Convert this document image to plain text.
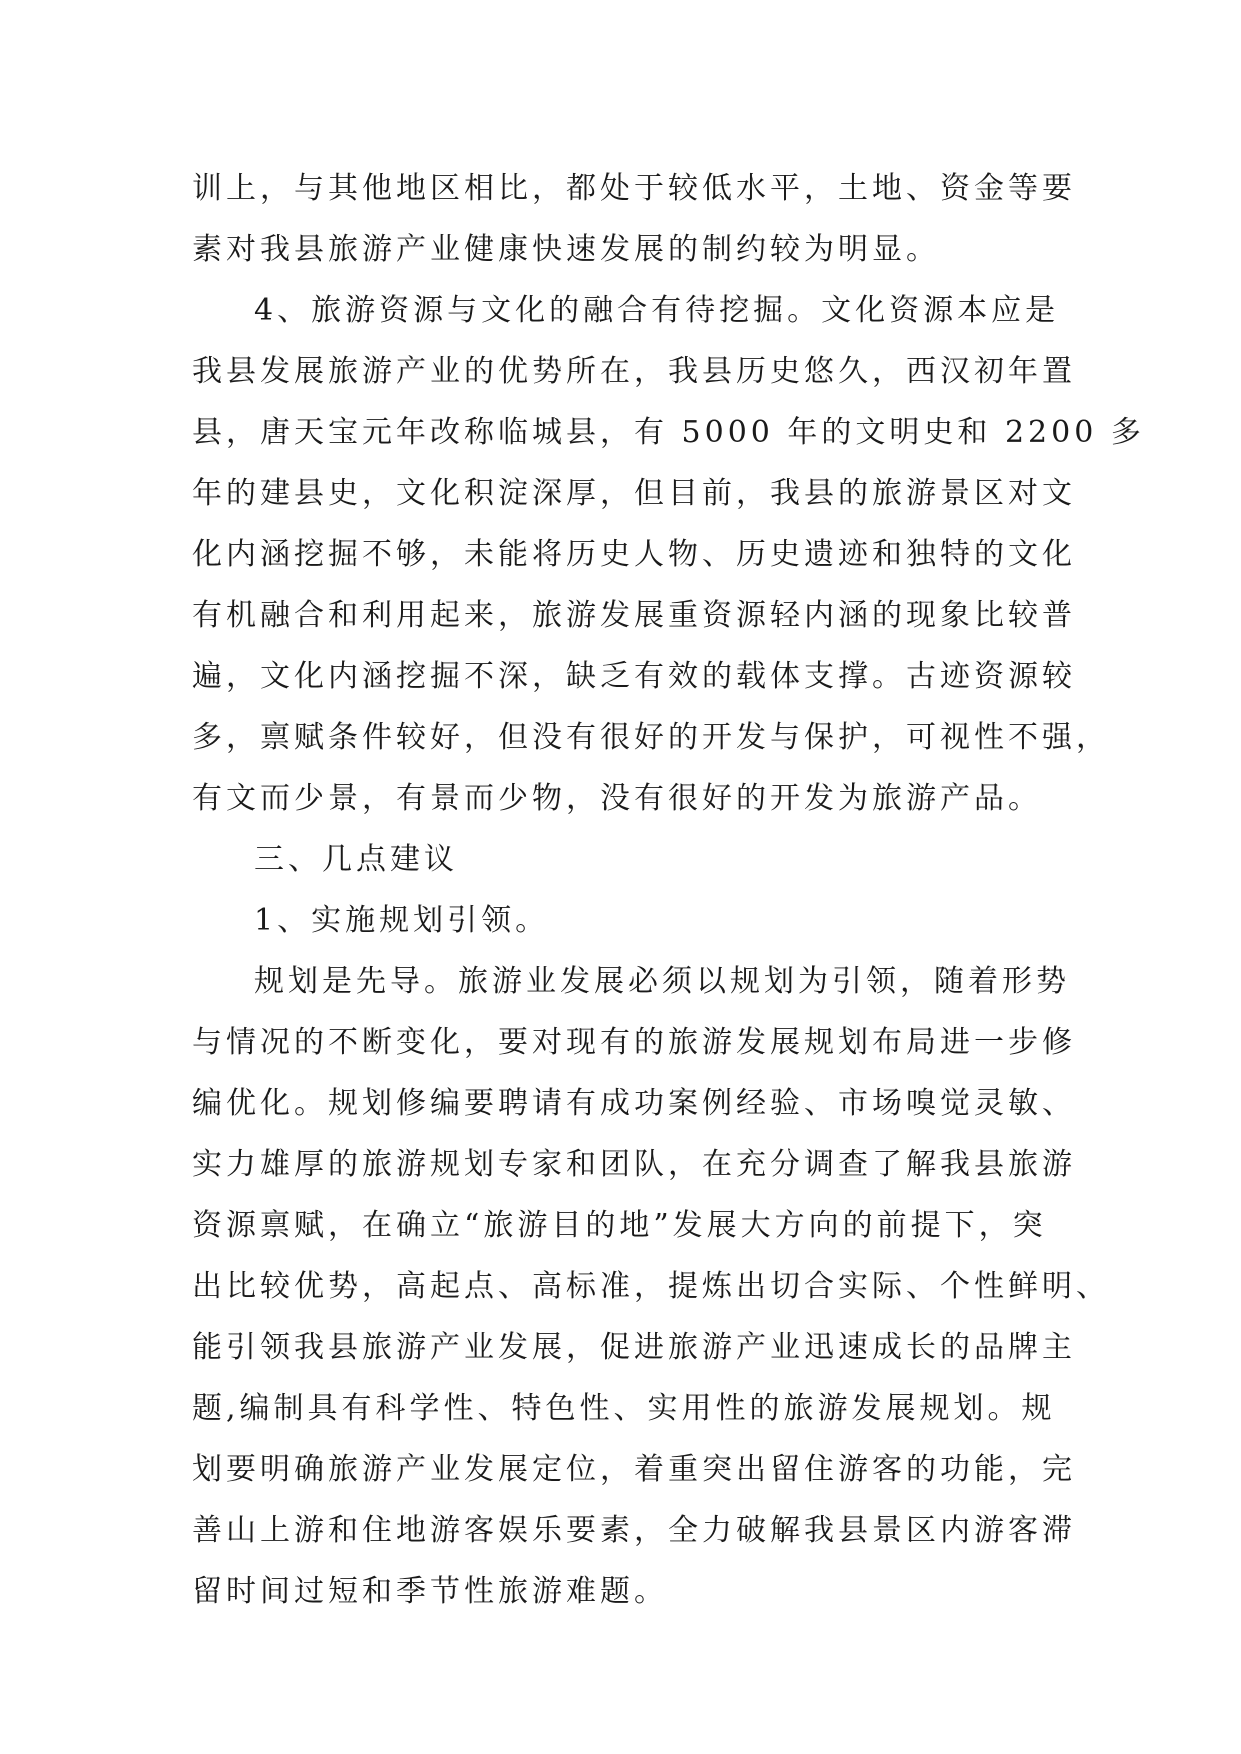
训上，与其他地区相比，都处于较低水平，土地、资金等要
素对我县旅游产业健康快速发展的制约较为明显。
4、旅游资源与文化的融合有待挖掘。文化资源本应是
我县发展旅游产业的优势所在，我县历史悠久，西汉初年置
县，唐天宝元年改称临城县，有 5000 年的文明史和 2200 多
年的建县史，文化积淀深厚，但目前，我县的旅游景区对文
化内涵挖掘不够，未能将历史人物、历史遗迹和独特的文化
有机融合和利用起来，旅游发展重资源轻内涵的现象比较普
遍，文化内涵挖掘不深，缺乏有效的载体支撑。古迹资源较
多，禀赋条件较好，但没有很好的开发与保护，可视性不强，
有文而少景，有景而少物，没有很好的开发为旅游产品。
三、几点建议
1、实施规划引领。
规划是先导。旅游业发展必须以规划为引领，随着形势
与情况的不断变化，要对现有的旅游发展规划布局进一步修
编优化。规划修编要聘请有成功案例经验、市场嗅觉灵敏、
实力雄厚的旅游规划专家和团队，在充分调查了解我县旅游
资源禀赋，在确立“旅游目的地”发展大方向的前提下，突
出比较优势，高起点、高标准，提炼出切合实际、个性鲜明、
能引领我县旅游产业发展，促进旅游产业迅速成长的品牌主
题,编制具有科学性、特色性、实用性的旅游发展规划。规
划要明确旅游产业发展定位，着重突出留住游客的功能，完
善山上游和住地游客娱乐要素，全力破解我县景区内游客滞
留时间过短和季节性旅游难题。
